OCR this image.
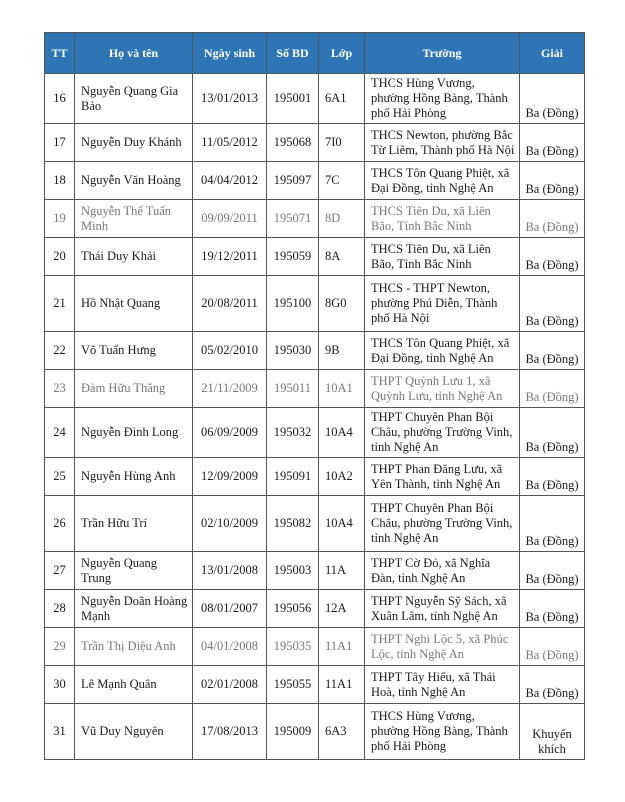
TT	Họ và tên	Ngày sinh	Số BD	Lớp	Trường	Giải
16	Nguyễn Quang Gia Bảo	13/01/2013	195001	6A1	THCS Hùng Vương, phường Hồng Bàng, Thành phố Hải Phòng	Ba (Đồng)
17	Nguyễn Duy Khánh	11/05/2012	195068	7I0	THCS Newton, phường Bắc Từ Liêm, Thành phố Hà Nội	Ba (Đồng)
18	Nguyễn Văn Hoàng	04/04/2012	195097	7C	THCS Tôn Quang Phiệt, xã Đại Đồng, tỉnh Nghệ An	Ba (Đồng)
19	Nguyễn Thế Tuấn Minh	09/09/2011	195071	8D	THCS Tiên Du, xã Liên Bão, Tỉnh Bắc Ninh	Ba (Đồng)
20	Thái Duy Khải	19/12/2011	195059	8A	THCS Tiên Du, xã Liên Bão, Tỉnh Bắc Ninh	Ba (Đồng)
21	Hồ Nhật Quang	20/08/2011	195100	8G0	THCS - THPT Newton, phường Phú Diễn, Thành phố Hà Nội	Ba (Đồng)
22	Võ Tuấn Hưng	05/02/2010	195030	9B	THCS Tôn Quang Phiệt, xã Đại Đồng, tỉnh Nghệ An	Ba (Đồng)
23	Đàm Hữu Thắng	21/11/2009	195011	10A1	THPT Quỳnh Lưu 1, xã Quỳnh Lưu, tỉnh Nghệ An	Ba (Đồng)
24	Nguyễn Đình Long	06/09/2009	195032	10A4	THPT Chuyên Phan Bội Châu, phường Trường Vinh, tỉnh Nghệ An	Ba (Đồng)
25	Nguyễn Hùng Anh	12/09/2009	195091	10A2	THPT Phan Đăng Lưu, xã Yên Thành, tỉnh Nghệ An	Ba (Đồng)
26	Trần Hữu Trí	02/10/2009	195082	10A4	THPT Chuyên Phan Bội Châu, phường Trường Vinh, tỉnh Nghệ An	Ba (Đồng)
27	Nguyễn Quang Trung	13/01/2008	195003	11A	THPT Cờ Đỏ, xã Nghĩa Đàn, tỉnh Nghệ An	Ba (Đồng)
28	Nguyễn Doãn Hoàng Mạnh	08/01/2007	195056	12A	THPT Nguyễn Sỹ Sách, xã Xuân Lâm, tỉnh Nghệ An	Ba (Đồng)
29	Trần Thị Diệu Anh	04/01/2008	195035	11A1	THPT Nghi Lộc 5, xã Phúc Lộc, tỉnh Nghệ An	Ba (Đồng)
30	Lê Mạnh Quân	02/01/2008	195055	11A1	THPT Tây Hiếu, xã Thái Hoà, tỉnh Nghệ An	Ba (Đồng)
31	Vũ Duy Nguyên	17/08/2013	195009	6A3	THCS Hùng Vương, phường Hồng Bàng, Thành phố Hải Phòng	Khuyến khích
